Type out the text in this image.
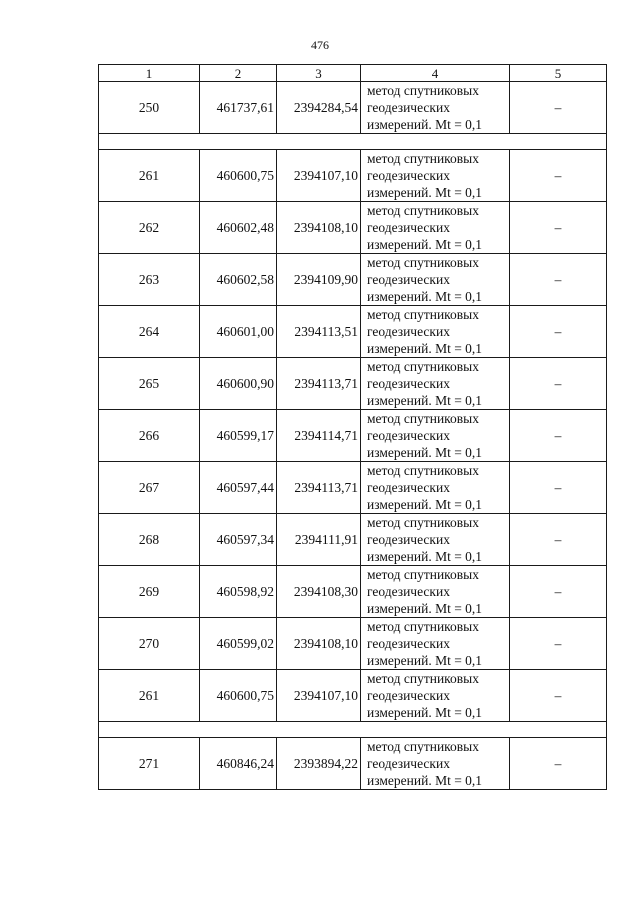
476
1	2	3	4	5
250	461737,61	2394284,54	метод спутниковых
геодезических
измерений. Mt = 0,1	–

261	460600,75	2394107,10	метод спутниковых
геодезических
измерений. Mt = 0,1	–
262	460602,48	2394108,10	метод спутниковых
геодезических
измерений. Mt = 0,1	–
263	460602,58	2394109,90	метод спутниковых
геодезических
измерений. Mt = 0,1	–
264	460601,00	2394113,51	метод спутниковых
геодезических
измерений. Mt = 0,1	–
265	460600,90	2394113,71	метод спутниковых
геодезических
измерений. Mt = 0,1	–
266	460599,17	2394114,71	метод спутниковых
геодезических
измерений. Mt = 0,1	–
267	460597,44	2394113,71	метод спутниковых
геодезических
измерений. Mt = 0,1	–
268	460597,34	2394111,91	метод спутниковых
геодезических
измерений. Mt = 0,1	–
269	460598,92	2394108,30	метод спутниковых
геодезических
измерений. Mt = 0,1	–
270	460599,02	2394108,10	метод спутниковых
геодезических
измерений. Mt = 0,1	–
261	460600,75	2394107,10	метод спутниковых
геодезических
измерений. Mt = 0,1	–

271	460846,24	2393894,22	метод спутниковых
геодезических
измерений. Mt = 0,1	–
